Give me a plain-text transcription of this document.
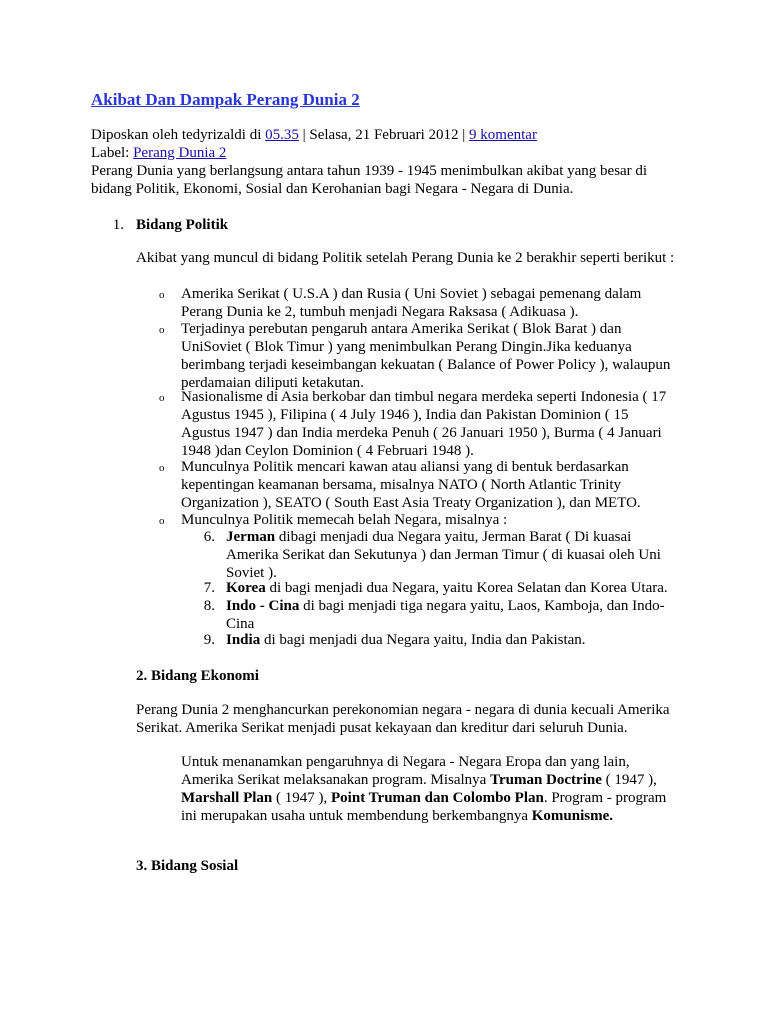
Akibat Dan Dampak Perang Dunia 2
Diposkan oleh tedyrizaldi di 05.35 | Selasa, 21 Februari 2012 | 9 komentar
Label: Perang Dunia 2

Perang Dunia yang berlangsung antara tahun 1939 - 1945 menimbulkan akibat yang besar di

bidang Politik, Ekonomi, Sosial dan Kerohanian bagi Negara - Negara di Dunia.

1. Bidang Politik
Akibat yang muncul di bidang Politik setelah Perang Dunia ke 2 berakhir seperti berikut :
o Amerika Serikat ( U.S.A ) dan Rusia ( Uni Soviet ) sebagai pemenang dalam
Perang Dunia ke 2, tumbuh menjadi Negara Raksasa ( Adikuasa ).
o Terjadinya perebutan pengaruh antara Amerika Serikat ( Blok Barat ) dan
UniSoviet ( Blok Timur ) yang menimbulkan Perang Dingin.Jika keduanya
berimbang terjadi keseimbangan kekuatan ( Balance of Power Policy ), walaupun
perdamaian diliputi ketakutan.
o Nasionalisme di Asia berkobar dan timbul negara merdeka seperti Indonesia ( 17
Agustus 1945 ), Filipina ( 4 July 1946 ), India dan Pakistan Dominion ( 15
Agustus 1947 ) dan India merdeka Penuh ( 26 Januari 1950 ), Burma ( 4 Januari
1948 )dan Ceylon Dominion ( 4 Februari 1948 ).
o Munculnya Politik mencari kawan atau aliansi yang di bentuk berdasarkan
kepentingan keamanan bersama, misalnya NATO ( North Atlantic Trinity
Organization ), SEATO ( South East Asia Treaty Organization ), dan METO.
o Munculnya Politik memecah belah Negara, misalnya :
6. Jerman dibagi menjadi dua Negara yaitu, Jerman Barat ( Di kuasai
Amerika Serikat dan Sekutunya ) dan Jerman Timur ( di kuasai oleh Uni
Soviet ).
7. Korea di bagi menjadi dua Negara, yaitu Korea Selatan dan Korea Utara.
8. Indo - Cina di bagi menjadi tiga negara yaitu, Laos, Kamboja, dan Indo-
Cina
9. India di bagi menjadi dua Negara yaitu, India dan Pakistan.
2. Bidang Ekonomi
Perang Dunia 2 menghancurkan perekonomian negara - negara di dunia kecuali Amerika
Serikat. Amerika Serikat menjadi pusat kekayaan dan kreditur dari seluruh Dunia.
Untuk menanamkan pengaruhnya di Negara - Negara Eropa dan yang lain,
Amerika Serikat melaksanakan program. Misalnya Truman Doctrine ( 1947 ),
Marshall Plan ( 1947 ), Point Truman dan Colombo Plan. Program - program
ini merupakan usaha untuk membendung berkembangnya Komunisme.
3. Bidang Sosial
